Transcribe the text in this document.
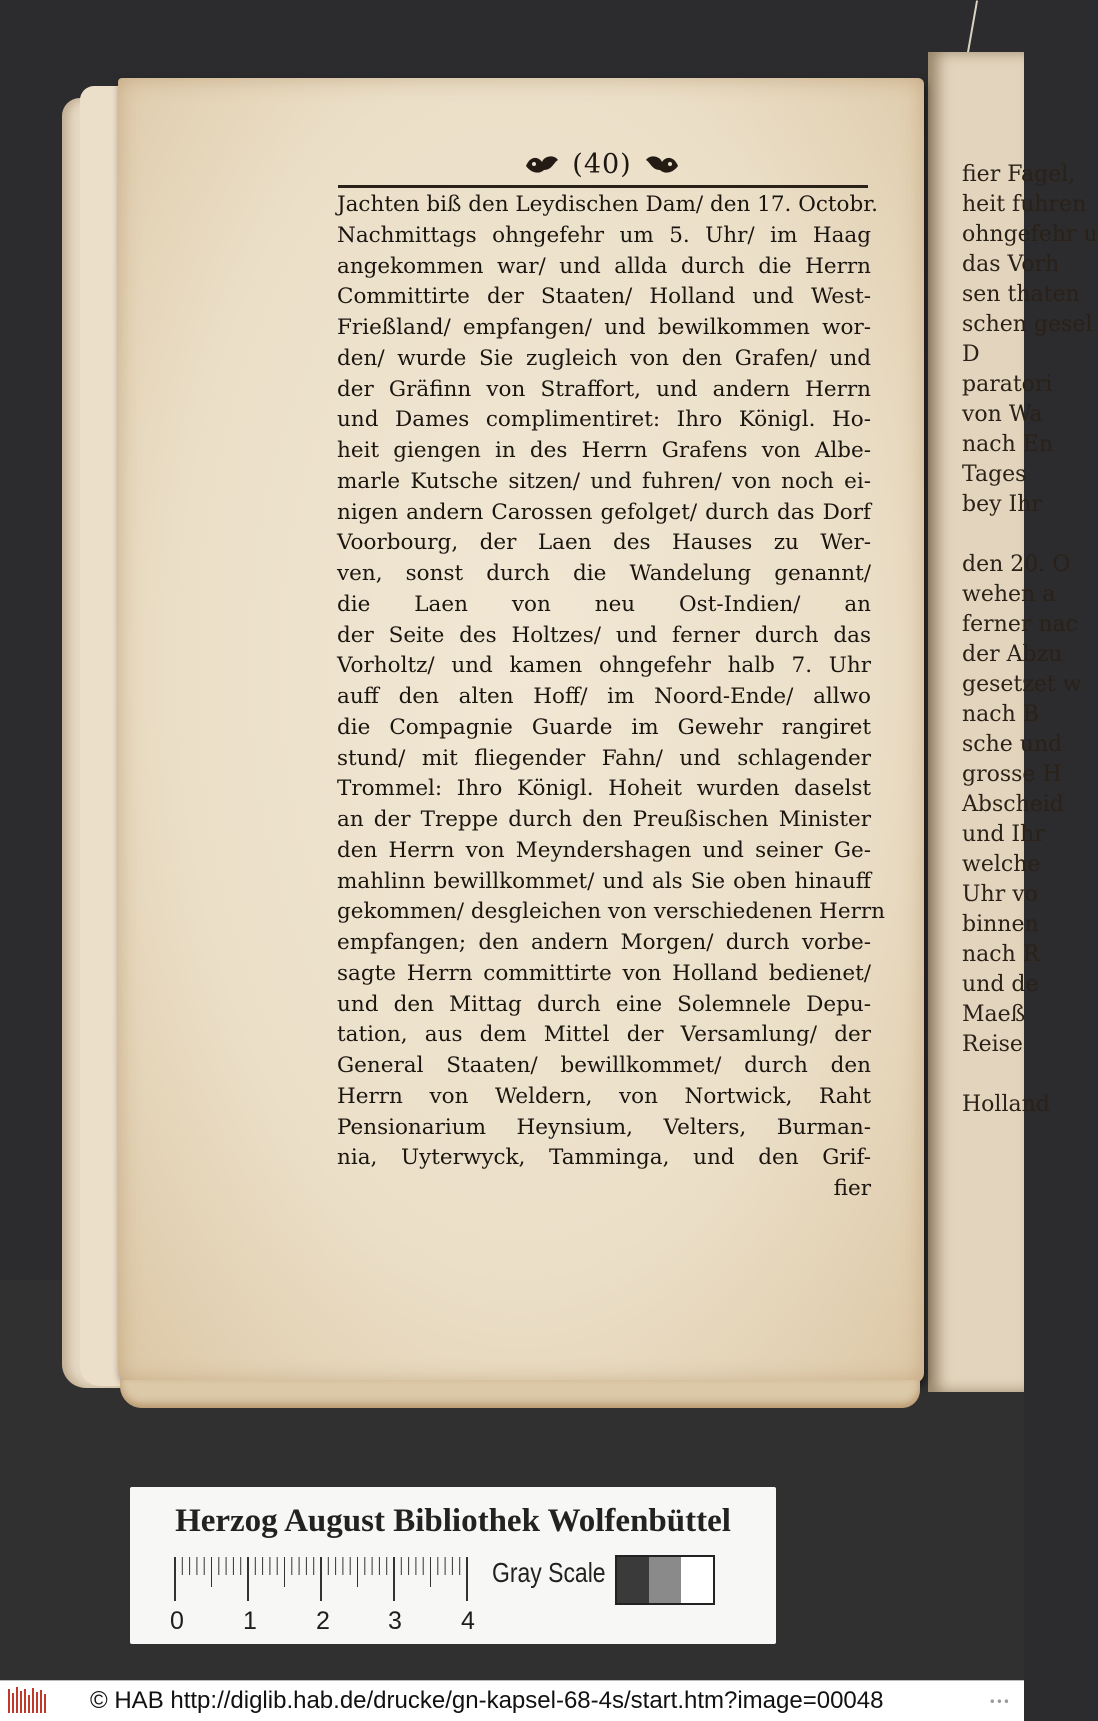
fier Fagel,
heit fuhren
ohngefehr u
das Vorh
sen thaten
schen gesel
D
paratori
von Wa
nach En
Tages
bey Ihr
den 20. O
wehen a
ferner nac
der Abzu
gesetzet w
nach B
sche und
grosse H
Abscheid
und Ihr
welche
Uhr vo
binnen
nach R
und de
Maeß
Reise
Holland
(40)
Jachten biß den Leydischen Dam/ den 17. Octobr.
Nachmittags ohngefehr um 5. Uhr/ im Haag
angekommen war/ und allda durch die Herrn
Committirte der Staaten/ Holland und West-
Frießland/ empfangen/ und bewilkommen wor-
den/ wurde Sie zugleich von den Grafen/ und
der Gräfinn von Straffort, und andern Herrn
und Dames complimentiret: Ihro Königl. Ho-
heit giengen in des Herrn Grafens von Albe-
marle Kutsche sitzen/ und fuhren/ von noch ei-
nigen andern Carossen gefolget/ durch das Dorf
Voorbourg, der Laen des Hauses zu Wer-
ven, sonst durch die Wandelung genannt/
die Laen von neu Ost-Indien/ an
der Seite des Holtzes/ und ferner durch das
Vorholtz/ und kamen ohngefehr halb 7. Uhr
auff den alten Hoff/ im Noord-Ende/ allwo
die Compagnie Guarde im Gewehr rangiret
stund/ mit fliegender Fahn/ und schlagender
Trommel: Ihro Königl. Hoheit wurden daselst
an der Treppe durch den Preußischen Minister
den Herrn von Meyndershagen und seiner Ge-
mahlinn bewillkommet/ und als Sie oben hinauff
gekommen/ desgleichen von verschiedenen Herrn
empfangen; den andern Morgen/ durch vorbe-
sagte Herrn committirte von Holland bedienet/
und den Mittag durch eine Solemnele Depu-
tation, aus dem Mittel der Versamlung/ der
General Staaten/ bewillkommet/ durch den
Herrn von Weldern, von Nortwick, Raht
Pensionarium Heynsium, Velters, Burman-
nia, Uyterwyck, Tamminga, und den Grif-
fier
Herzog August Bibliothek Wolfenbüttel
0 1 2 3 4
Gray Scale
© HAB http://diglib.hab.de/drucke/gn-kapsel-68-4s/start.htm?image=00048	•••
